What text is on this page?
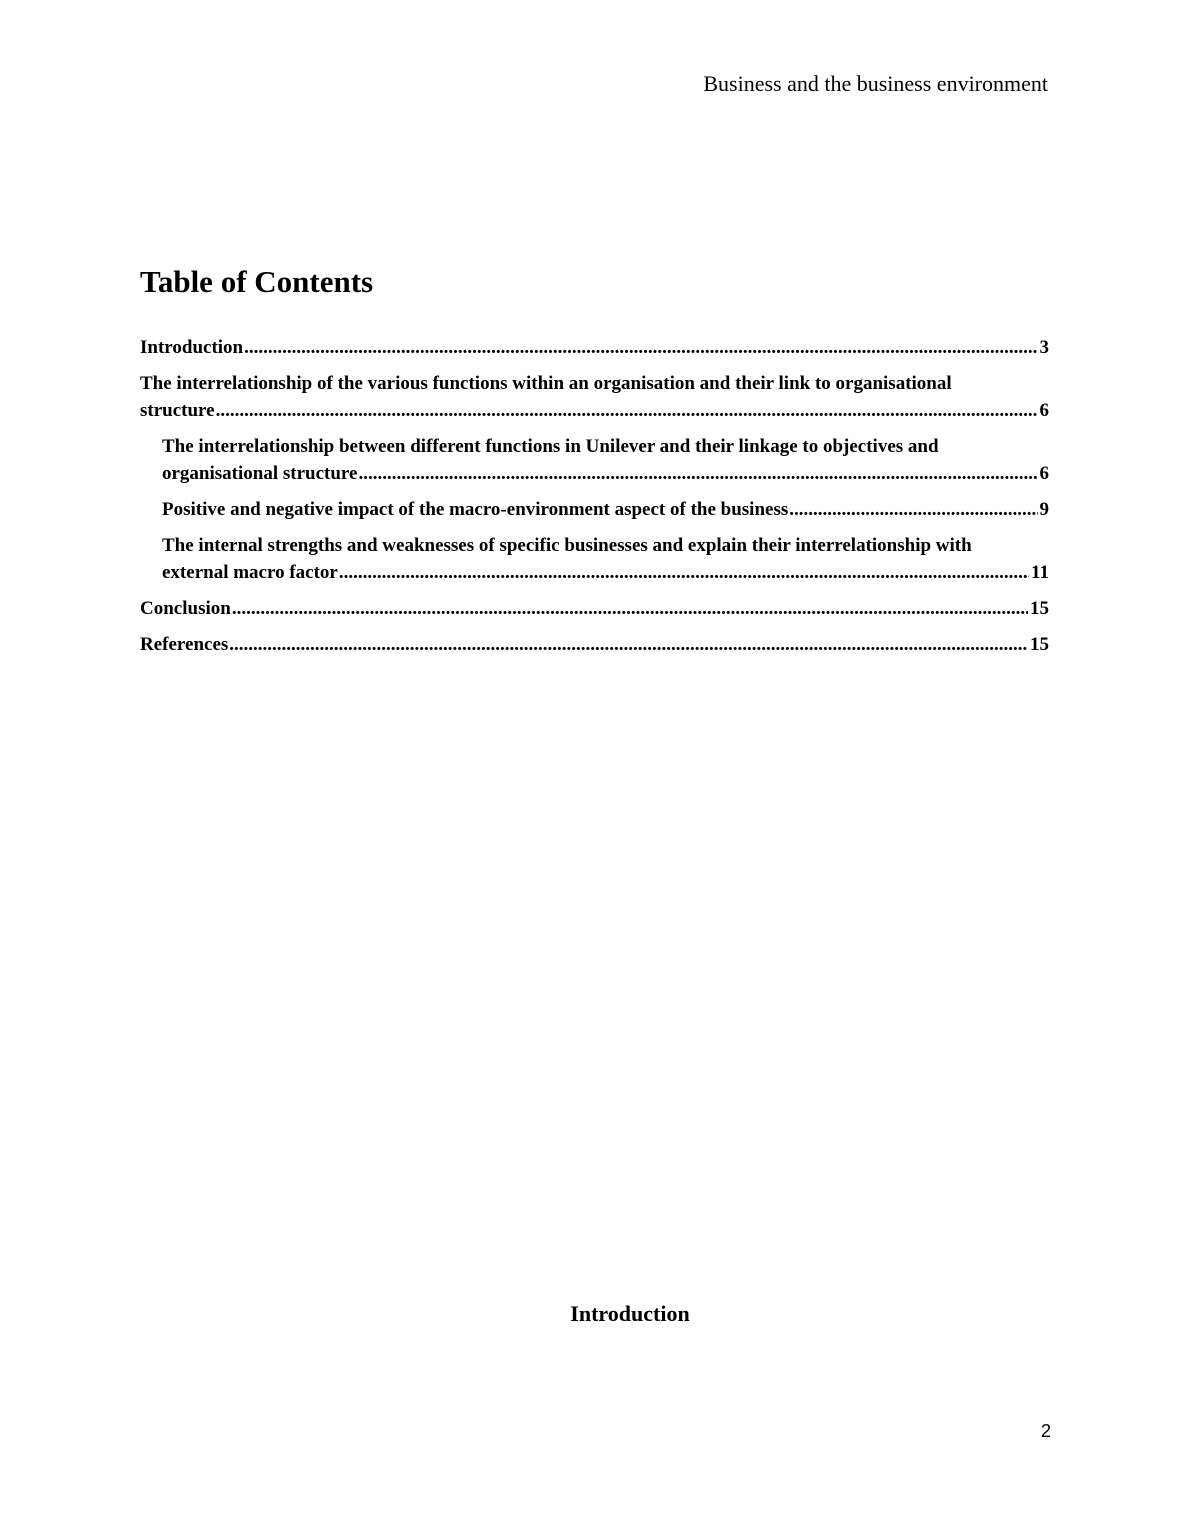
Business and the business environment
Table of Contents
Introduction .....	3
The interrelationship of the various functions within an organisation and their link to organisational structure .....	6
The interrelationship between different functions in Unilever and their linkage to objectives and organisational structure .....	6
Positive and negative impact of the macro-environment aspect of the business .....	9
The internal strengths and weaknesses of specific businesses and explain their interrelationship with external macro factor .....	11
Conclusion .....	15
References .....	15
Introduction
2
